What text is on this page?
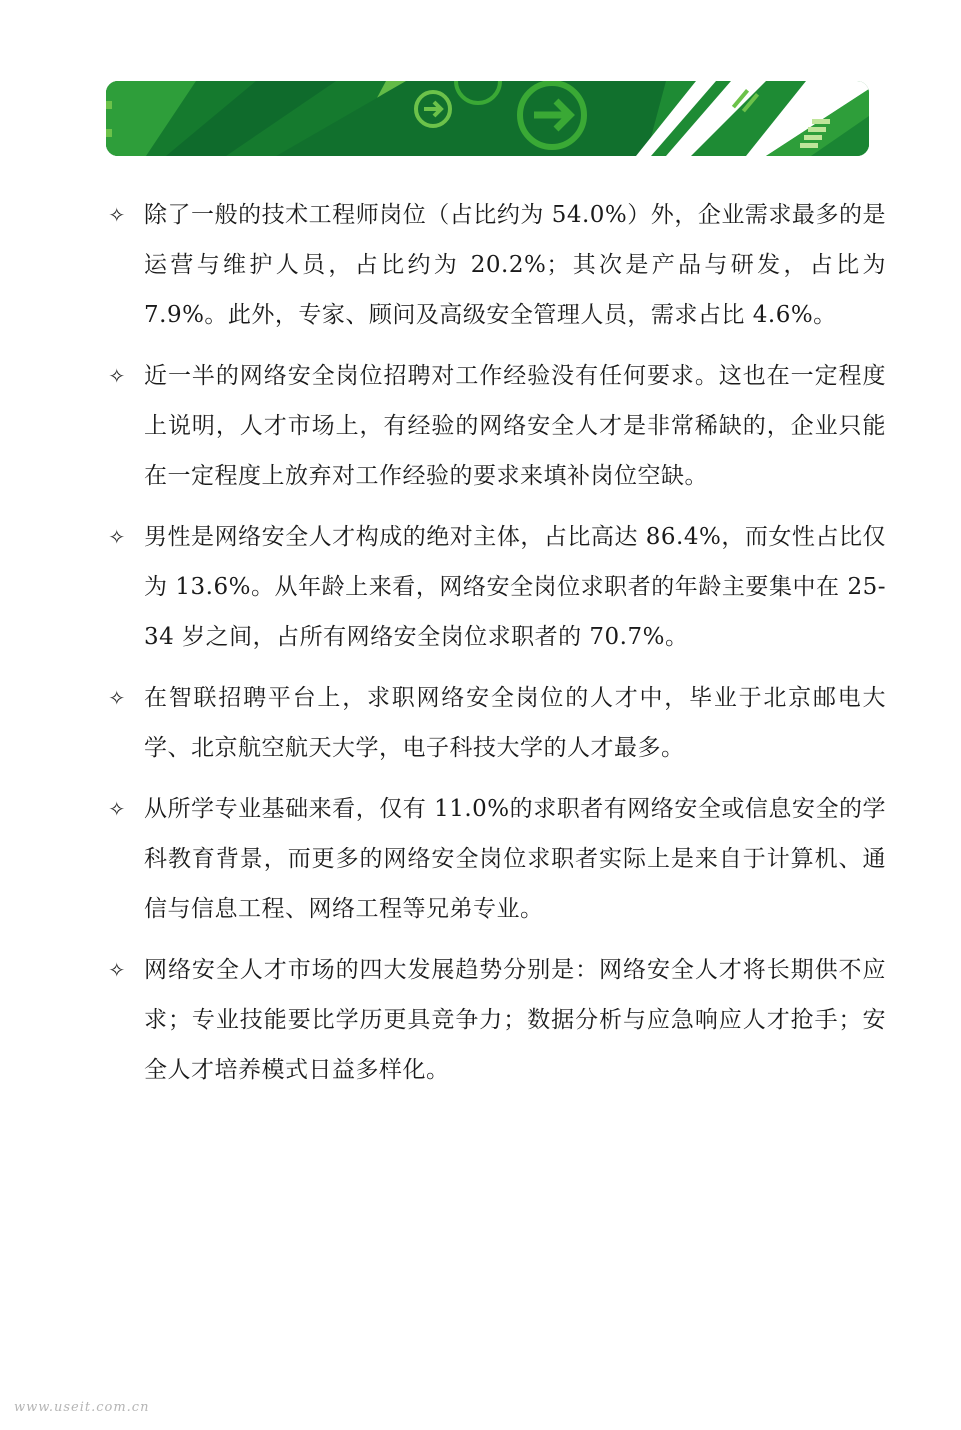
✧ 除了一般的技术工程师岗位（占比约为 54.0%）外，企业需求最多的是运营与维护人员，占比约为 20.2%；其次是产品与研发，占比为 7.9%。此外，专家、顾问及高级安全管理人员，需求占比 4.6%。
✧ 近一半的网络安全岗位招聘对工作经验没有任何要求。这也在一定程度上说明，人才市场上，有经验的网络安全人才是非常稀缺的，企业只能在一定程度上放弃对工作经验的要求来填补岗位空缺。
✧ 男性是网络安全人才构成的绝对主体，占比高达 86.4%，而女性占比仅为 13.6%。从年龄上来看，网络安全岗位求职者的年龄主要集中在 25-34 岁之间，占所有网络安全岗位求职者的 70.7%。
✧ 在智联招聘平台上，求职网络安全岗位的人才中，毕业于北京邮电大学、北京航空航天大学，电子科技大学的人才最多。
✧ 从所学专业基础来看，仅有 11.0%的求职者有网络安全或信息安全的学科教育背景，而更多的网络安全岗位求职者实际上是来自于计算机、通信与信息工程、网络工程等兄弟专业。
✧ 网络安全人才市场的四大发展趋势分别是：网络安全人才将长期供不应求；专业技能要比学历更具竞争力；数据分析与应急响应人才抢手；安全人才培养模式日益多样化。
www.useit.com.cn
